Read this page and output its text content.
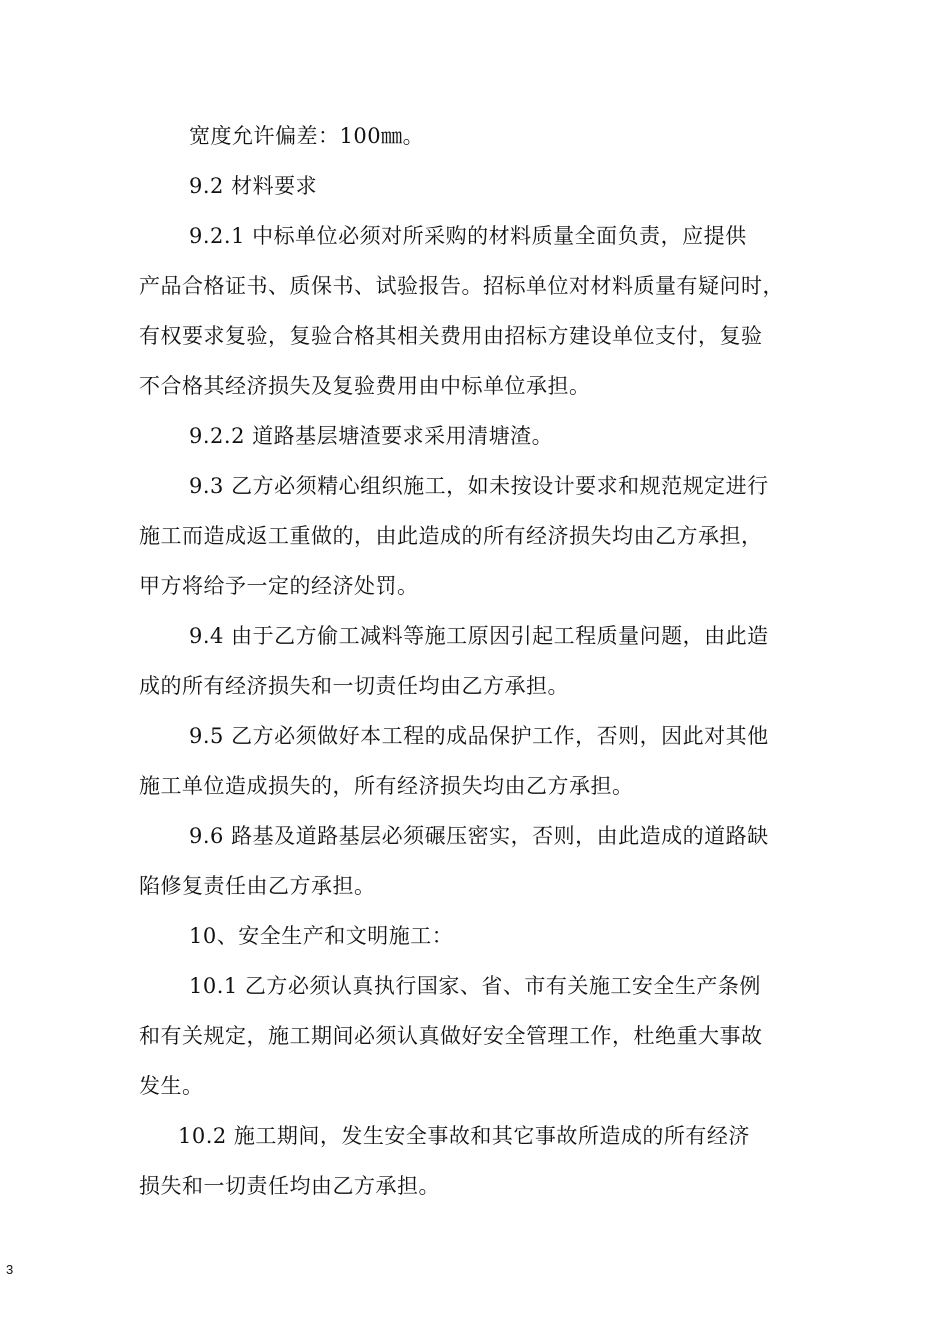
宽度允许偏差：100㎜。
9.2 材料要求
9.2.1 中标单位必须对所采购的材料质量全面负责，应提供
产品合格证书、质保书、试验报告。招标单位对材料质量有疑问时，
有权要求复验，复验合格其相关费用由招标方建设单位支付，复验
不合格其经济损失及复验费用由中标单位承担。
9.2.2 道路基层塘渣要求采用清塘渣。
9.3 乙方必须精心组织施工，如未按设计要求和规范规定进行
施工而造成返工重做的，由此造成的所有经济损失均由乙方承担，
甲方将给予一定的经济处罚。
9.4 由于乙方偷工减料等施工原因引起工程质量问题，由此造
成的所有经济损失和一切责任均由乙方承担。
9.5 乙方必须做好本工程的成品保护工作，否则，因此对其他
施工单位造成损失的，所有经济损失均由乙方承担。
9.6 路基及道路基层必须碾压密实，否则，由此造成的道路缺
陷修复责任由乙方承担。
10、安全生产和文明施工：
10.1 乙方必须认真执行国家、省、市有关施工安全生产条例
和有关规定，施工期间必须认真做好安全管理工作，杜绝重大事故
发生。
10.2 施工期间，发生安全事故和其它事故所造成的所有经济
损失和一切责任均由乙方承担。
3
